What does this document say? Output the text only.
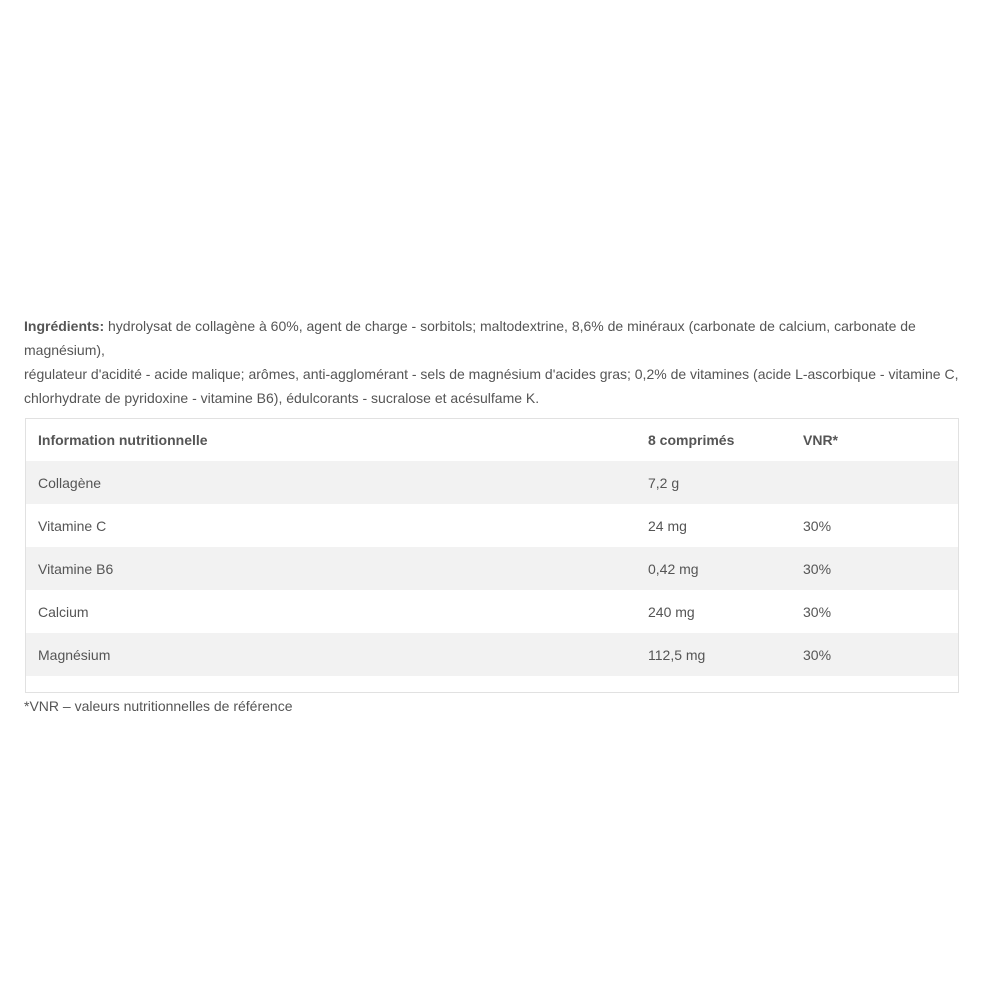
Ingrédients: hydrolysat de collagène à 60%, agent de charge - sorbitols; maltodextrine, 8,6% de minéraux (carbonate de calcium, carbonate de magnésium),
régulateur d'acidité - acide malique; arômes, anti-agglomérant - sels de magnésium d'acides gras; 0,2% de vitamines (acide L-ascorbique - vitamine C,
chlorhydrate de pyridoxine - vitamine B6), édulcorants - sucralose et acésulfame K.

Information nutritionnelle	8 comprimés	VNR*
Collagène	7,2 g	
Vitamine C	24 mg	30%
Vitamine B6	0,42 mg	30%
Calcium	240 mg	30%
Magnésium	112,5 mg	30%
*VNR – valeurs nutritionnelles de référence
